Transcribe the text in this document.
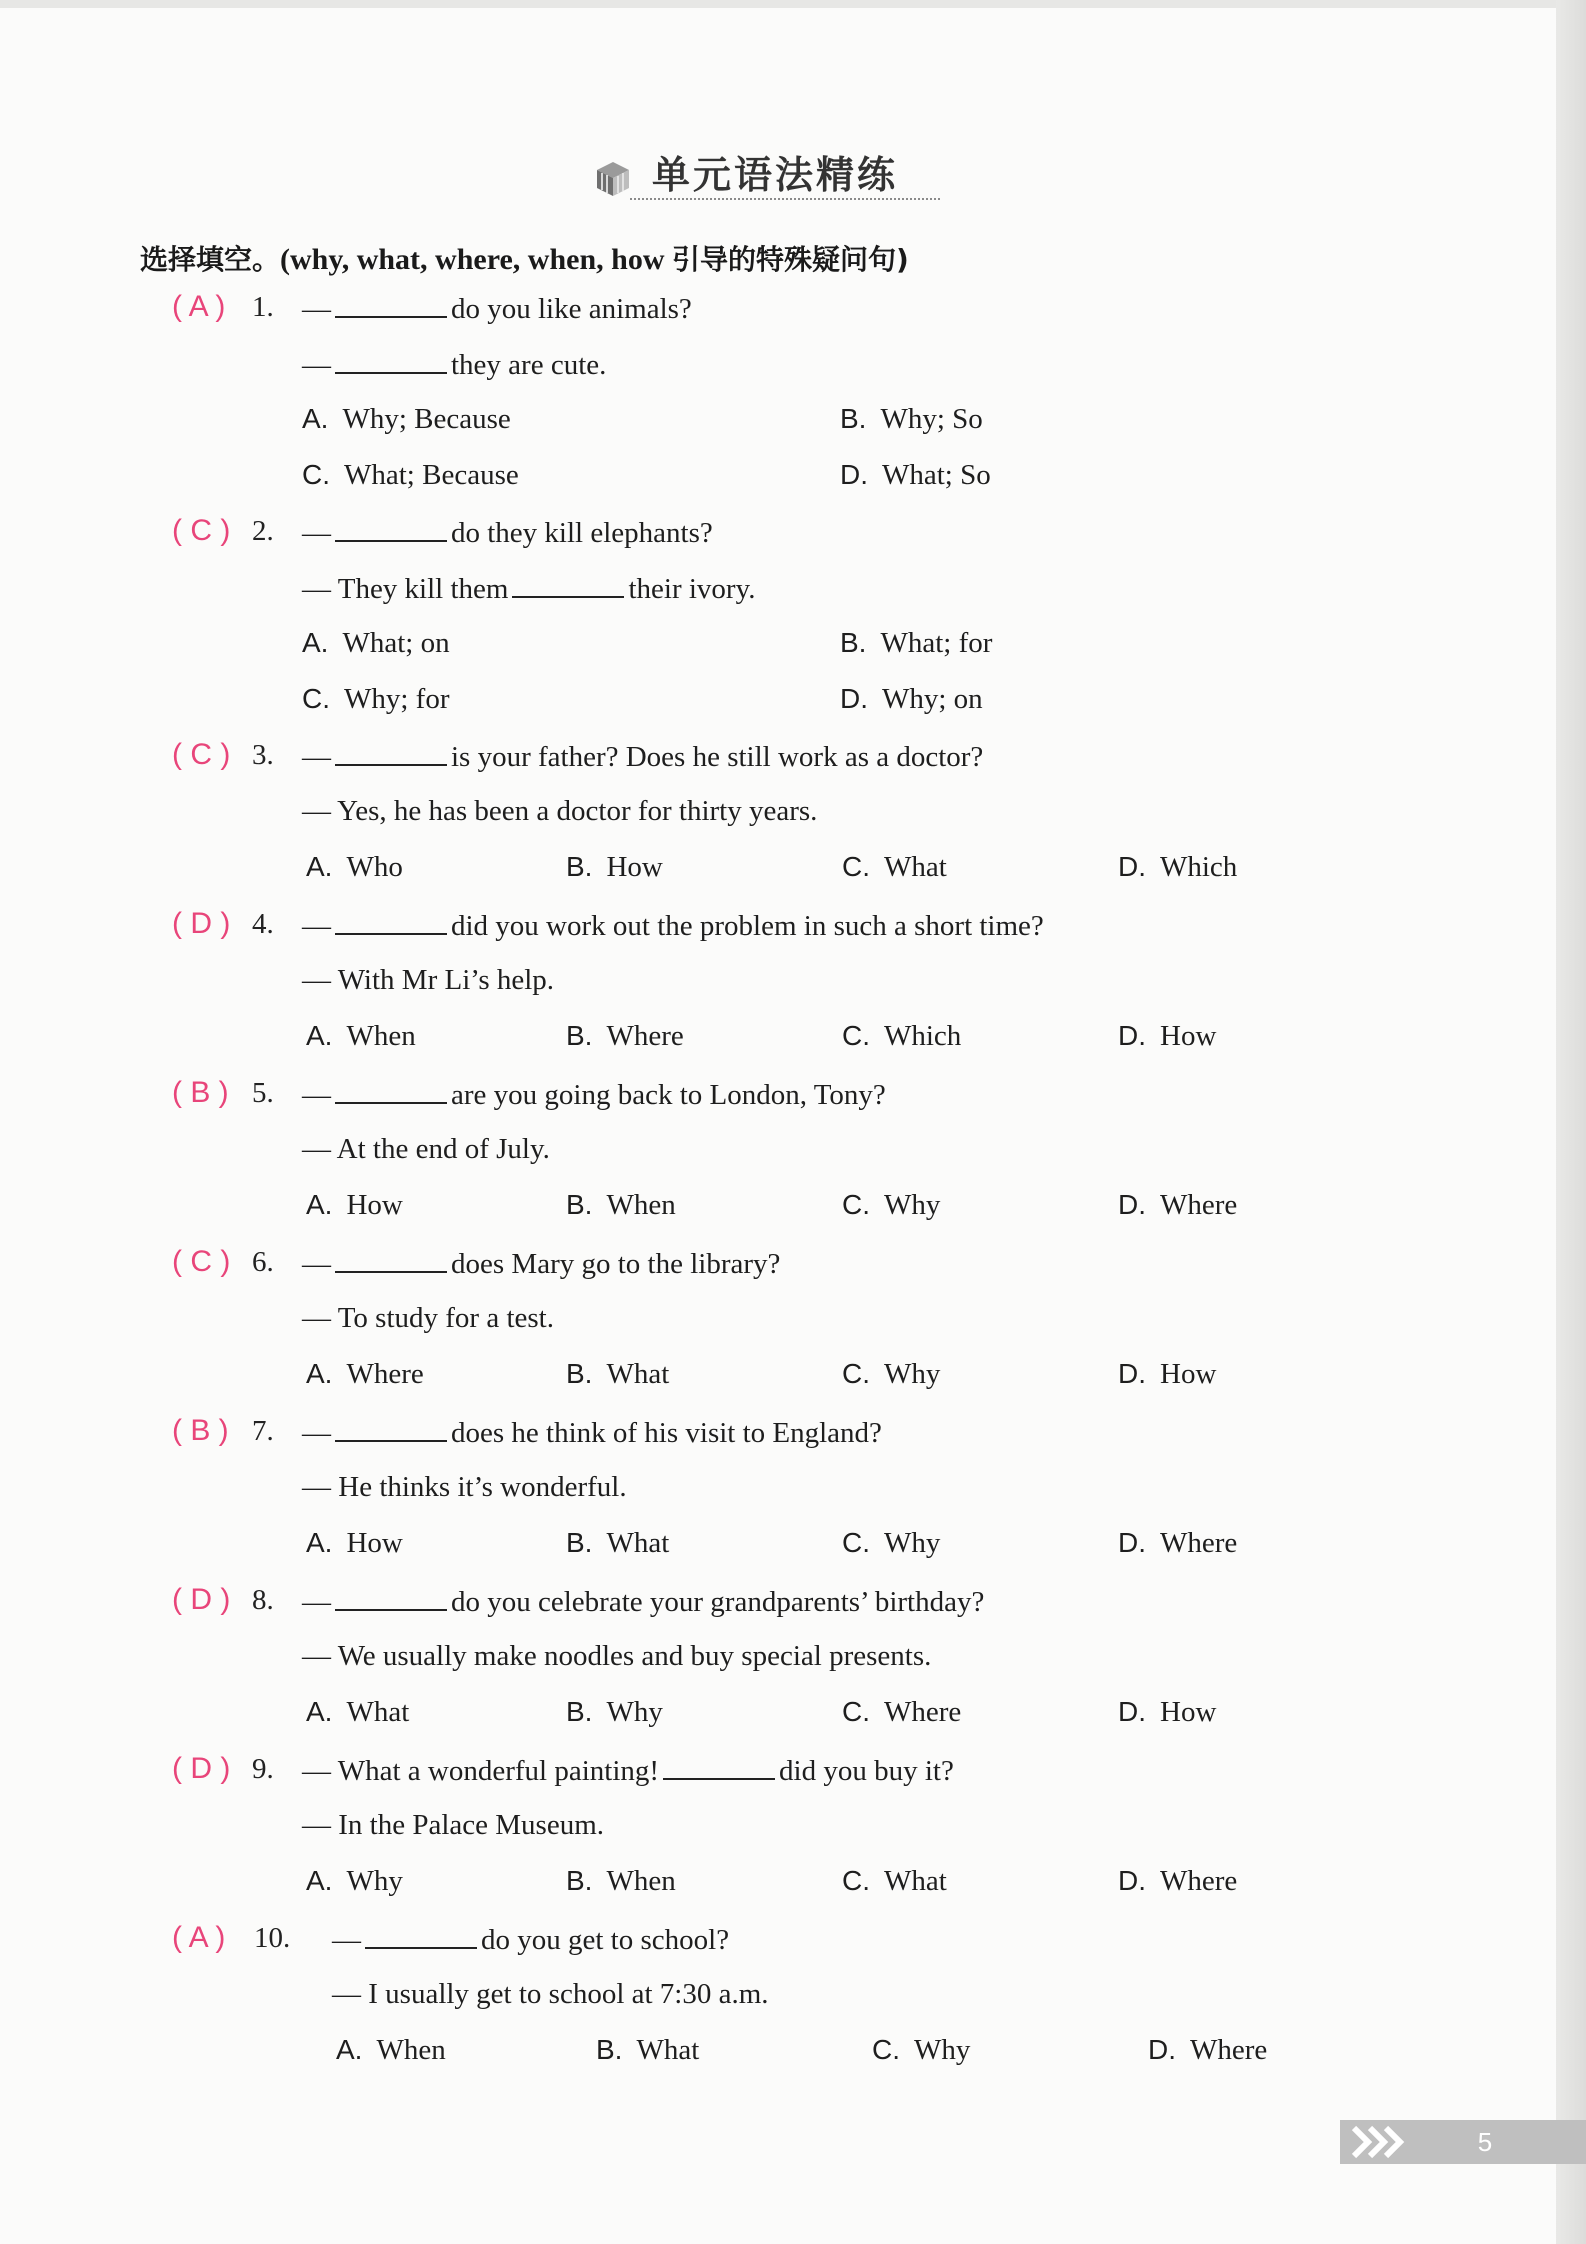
单元语法精练
选择填空。(why, what, where, when, how 引导的特殊疑问句)
( A ) 1. —	do you like animals?
—	they are cute.
A. Why; Because	B. Why; So
C. What; Because	D. What; So
( C ) 2. —	do they kill elephants?
— They kill them	their ivory.
A. What; on	B. What; for
C. Why; for	D. Why; on
( C ) 3. —	is your father? Does he still work as a doctor?
— Yes, he has been a doctor for thirty years.
A. Who	B. How	C. What	D. Which
( D ) 4. —	did you work out the problem in such a short time?
— With Mr Li’s help.
A. When	B. Where	C. Which	D. How
( B ) 5. —	are you going back to London, Tony?
— At the end of July.
A. How	B. When	C. Why	D. Where
( C ) 6. —	does Mary go to the library?
— To study for a test.
A. Where	B. What	C. Why	D. How
( B ) 7. —	does he think of his visit to England?
— He thinks it’s wonderful.
A. How	B. What	C. Why	D. Where
( D ) 8. —	do you celebrate your grandparents’ birthday?
— We usually make noodles and buy special presents.
A. What	B. Why	C. Where	D. How
( D ) 9. — What a wonderful painting!	did you buy it?
— In the Palace Museum.
A. Why	B. When	C. What	D. Where
( A ) 10. —	do you get to school?
— I usually get to school at 7:30 a.m.
A. When	B. What	C. Why	D. Where
5
